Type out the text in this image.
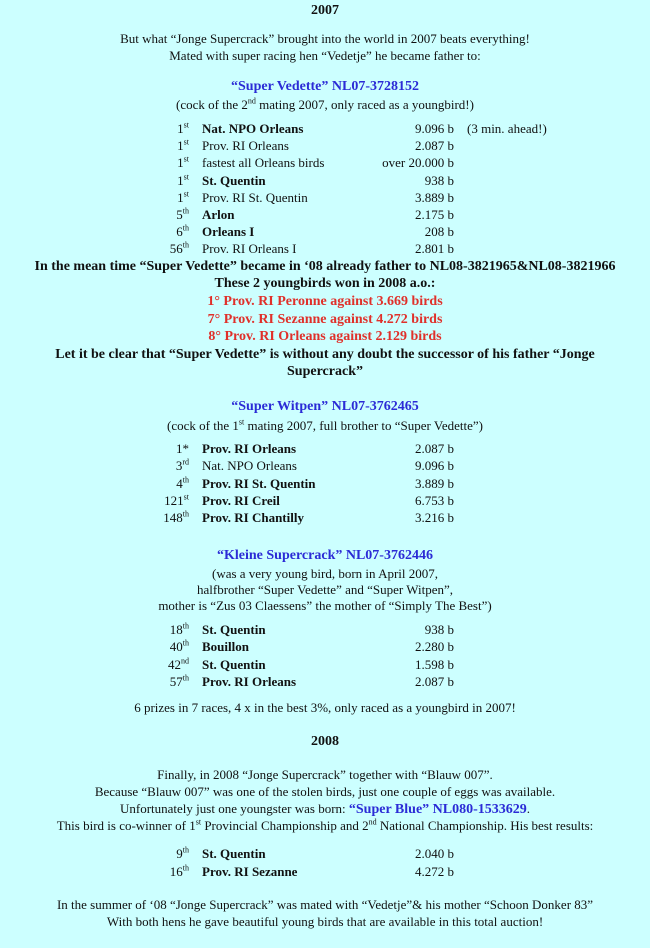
2007
But what “Jonge Supercrack” brought into the world in 2007 beats everything!
Mated with super racing hen “Vedetje” he became father to:
“Super Vedette” NL07-3728152
(cock of the 2nd mating 2007, only raced as a youngbird!)
1st Nat. NPO Orleans	9.096 b (3 min. ahead!)
1st Prov. RI Orleans	2.087 b
1st fastest all Orleans birds	over 20.000 b
1st St. Quentin	938 b
1st Prov. RI St. Quentin	3.889 b
5th Arlon	2.175 b
6th Orleans I	208 b
56th Prov. RI Orleans I	2.801 b
In the mean time “Super Vedette” became in ‘08 already father to NL08-3821965&NL08-3821966
These 2 youngbirds won in 2008 a.o.:
1° Prov. RI Peronne against 3.669 birds
7° Prov. RI Sezanne against 4.272 birds
8° Prov. RI Orleans against 2.129 birds
Let it be clear that “Super Vedette” is without any doubt the successor of his father “Jonge
Supercrack”
“Super Witpen” NL07-3762465
(cock of the 1st mating 2007, full brother to “Super Vedette”)
1* Prov. RI Orleans	2.087 b
3rd Nat. NPO Orleans	9.096 b
4th Prov. RI St. Quentin	3.889 b
121st Prov. RI Creil	6.753 b
148th Prov. RI Chantilly	3.216 b
“Kleine Supercrack” NL07-3762446
(was a very young bird, born in April 2007,
halfbrother “Super Vedette” and “Super Witpen”,
mother is “Zus 03 Claessens” the mother of “Simply The Best”)
18th St. Quentin	938 b
40th Bouillon	2.280 b
42nd St. Quentin	1.598 b
57th Prov. RI Orleans	2.087 b
6 prizes in 7 races, 4 x in the best 3%, only raced as a youngbird in 2007!
2008
Finally, in 2008 “Jonge Supercrack” together with “Blauw 007”.
Because “Blauw 007” was one of the stolen birds, just one couple of eggs was available.
Unfortunately just one youngster was born: “Super Blue” NL080-1533629.
This bird is co-winner of 1st Provincial Championship and 2nd National Championship. His best results:
9th St. Quentin	2.040 b
16th Prov. RI Sezanne	4.272 b
In the summer of ‘08 “Jonge Supercrack” was mated with “Vedetje”& his mother “Schoon Donker 83”
With both hens he gave beautiful young birds that are available in this total auction!
